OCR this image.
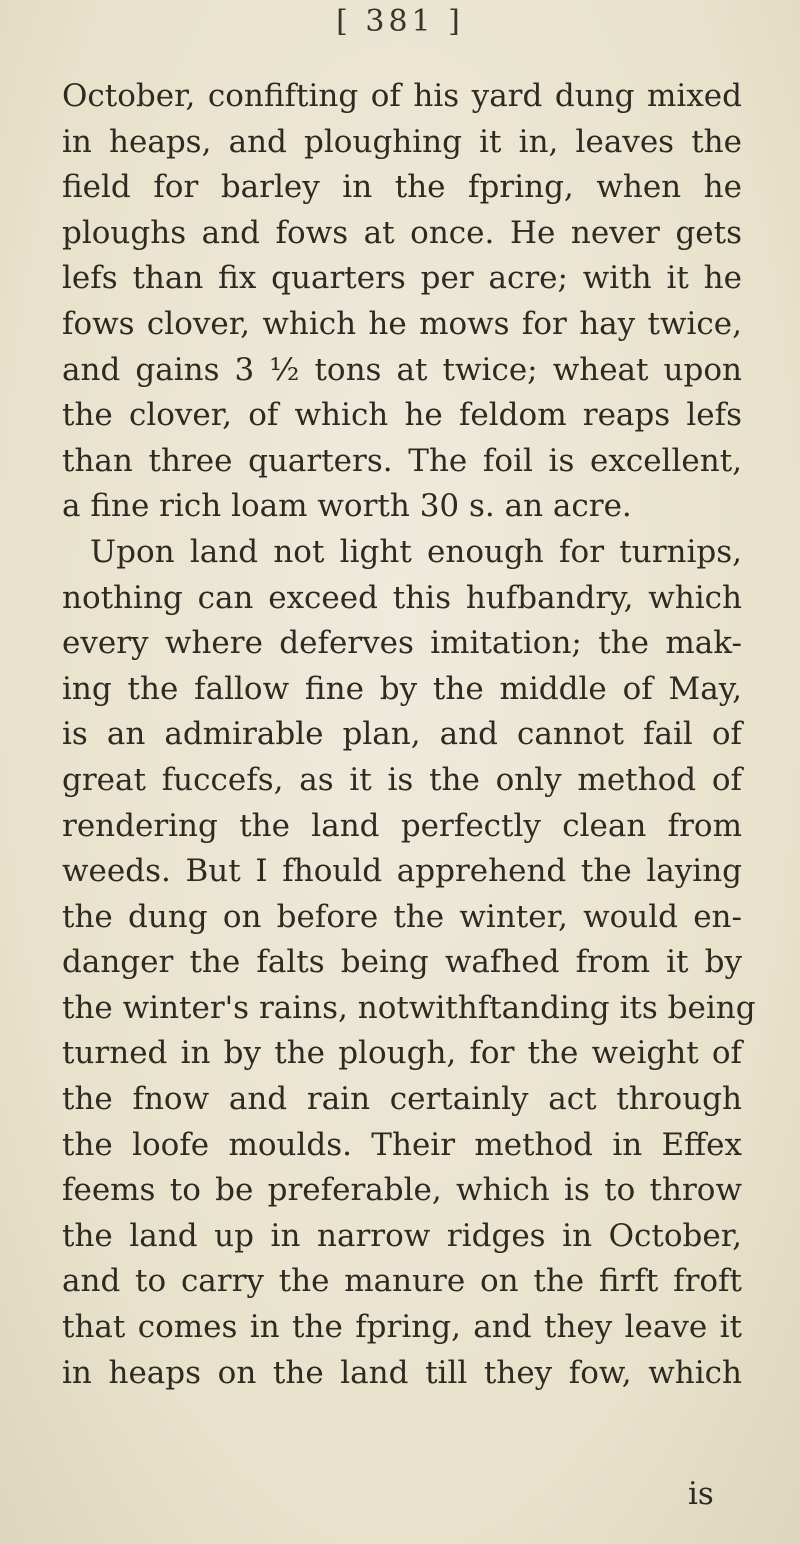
[ 381 ]
October, confifting of his yard dung mixed
in heaps, and ploughing it in, leaves the
field for barley in the fpring, when he
ploughs and fows at once. He never gets
lefs than fix quarters per acre; with it he
fows clover, which he mows for hay twice,
and gains 3 ½ tons at twice; wheat upon
the clover, of which he feldom reaps lefs
than three quarters. The foil is excellent,
a fine rich loam worth 30 s. an acre.
Upon land not light enough for turnips,
nothing can exceed this hufbandry, which
every where deferves imitation; the mak-
ing the fallow fine by the middle of May,
is an admirable plan, and cannot fail of
great fuccefs, as it is the only method of
rendering the land perfectly clean from
weeds. But I fhould apprehend the laying
the dung on before the winter, would en-
danger the falts being wafhed from it by
the winter's rains, notwithftanding its being
turned in by the plough, for the weight of
the fnow and rain certainly act through
the loofe moulds. Their method in Effex
feems to be preferable, which is to throw
the land up in narrow ridges in October,
and to carry the manure on the firft froft
that comes in the fpring, and they leave it
in heaps on the land till they fow, which
is
